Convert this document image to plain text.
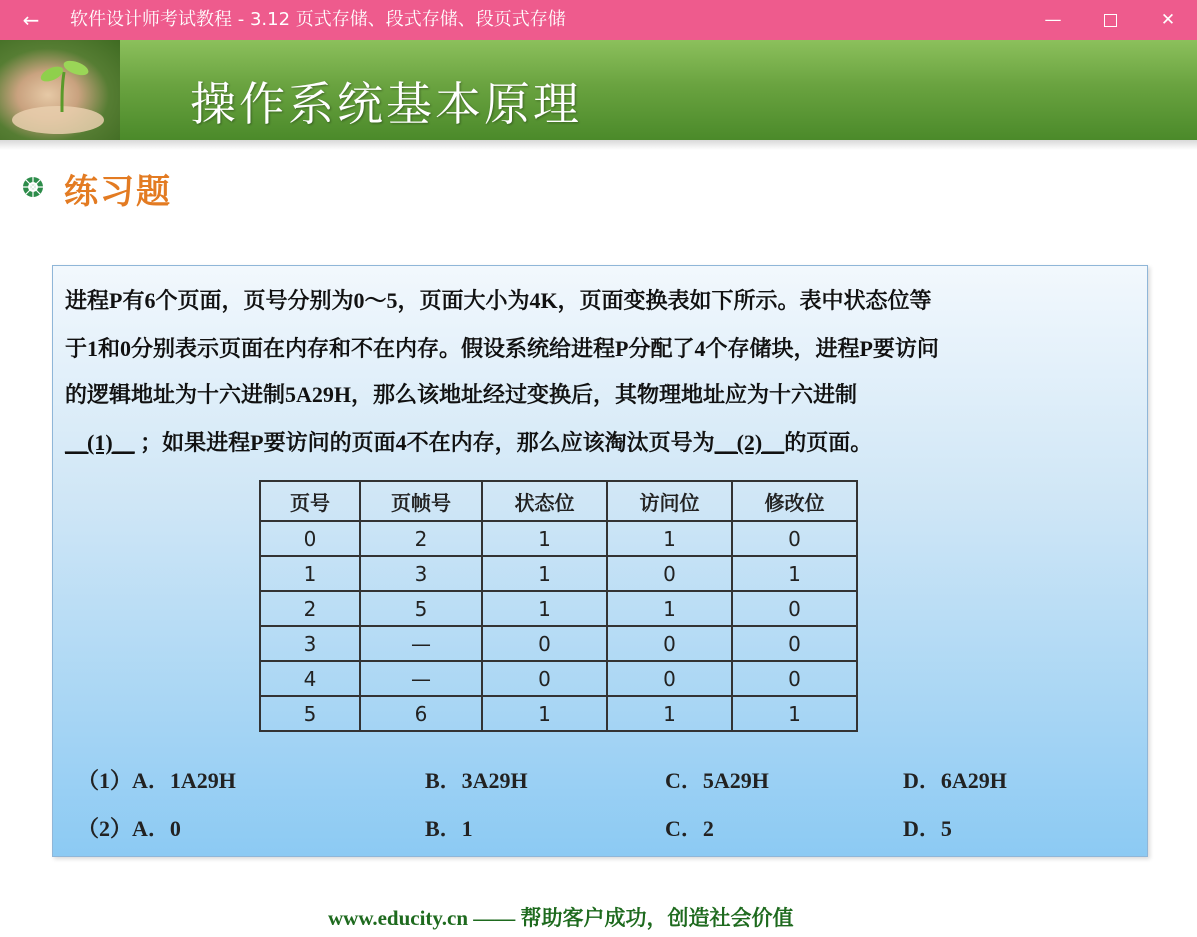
←	软件设计师考试教程 - 3.12 页式存储、段式存储、段页式存储	—	✕
操作系统基本原理
练习题
进程P有6个页面，页号分别为0～5，页面大小为4K，页面变换表如下所示。表中状态位等
于1和0分别表示页面在内存和不在内存。假设系统给进程P分配了4个存储块，进程P要访问
的逻辑地址为十六进制5A29H，那么该地址经过变换后，其物理地址应为十六进制
__(1)__ ；如果进程P要访问的页面4不在内存，那么应该淘汰页号为__(2)__的页面。
页号	页帧号	状态位	访问位	修改位
0	2	1	1	0
1	3	1	0	1
2	5	1	1	0
3	—	0	0	0
4	—	0	0	0
5	6	1	1	1
（1）A．1A29H	B．3A29H	C．5A29H	D．6A29H
（2）A．0	B．1	C．2	D．5
www.educity.cn —— 帮助客户成功，创造社会价值
